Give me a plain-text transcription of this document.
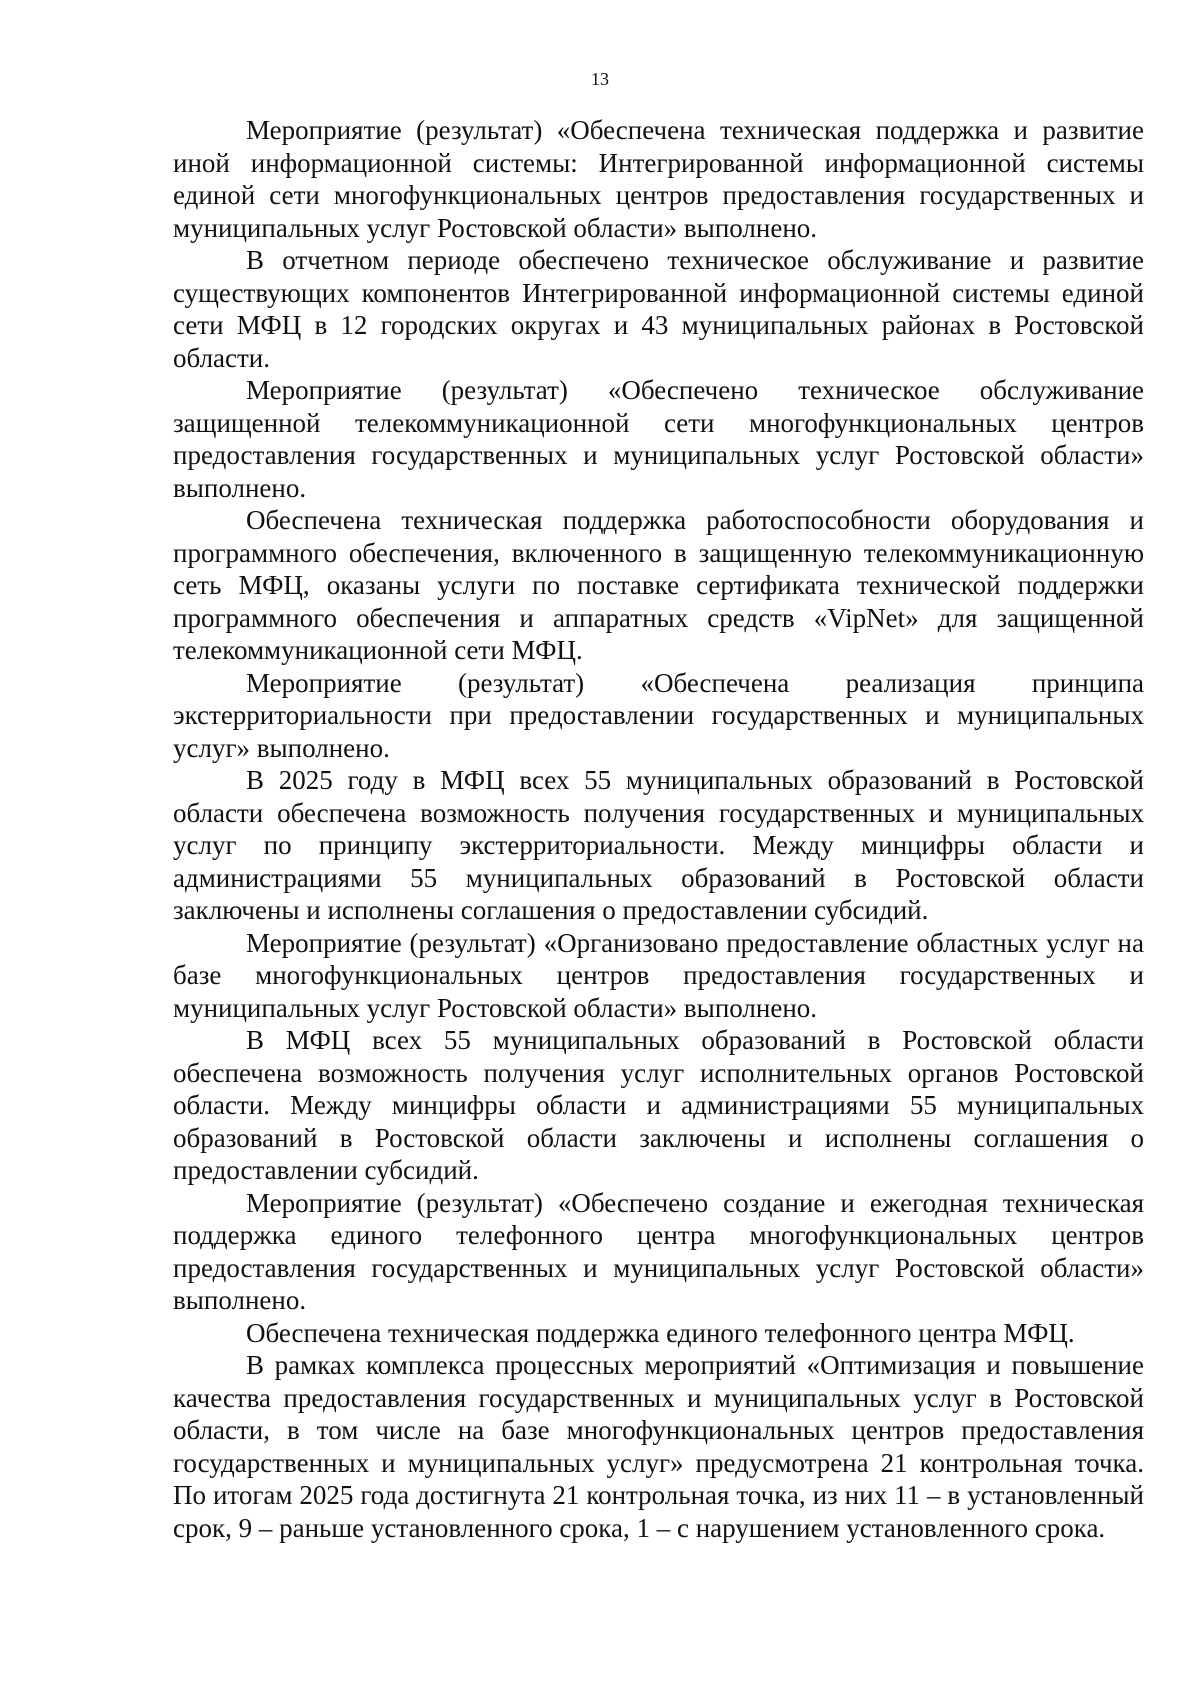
13

Мероприятие (результат) «Обеспечена техническая поддержка и развитие иной информационной системы: Интегрированной информационной системы единой сети многофункциональных центров предоставления государственных и муниципальных услуг Ростовской области» выполнено.

В отчетном периоде обеспечено техническое обслуживание и развитие существующих компонентов Интегрированной информационной системы единой сети МФЦ в 12 городских округах и 43 муниципальных районах в Ростовской области.

Мероприятие (результат) «Обеспечено техническое обслуживание защищенной телекоммуникационной сети многофункциональных центров предоставления государственных и муниципальных услуг Ростовской области» выполнено.

Обеспечена техническая поддержка работоспособности оборудования и программного обеспечения, включенного в защищенную телекоммуникационную сеть МФЦ, оказаны услуги по поставке сертификата технической поддержки программного обеспечения и аппаратных средств «VipNet» для защищенной телекоммуникационной сети МФЦ.

Мероприятие (результат) «Обеспечена реализация принципа экстерриториальности при предоставлении государственных и муниципальных услуг» выполнено.

В 2025 году в МФЦ всех 55 муниципальных образований в Ростовской области обеспечена возможность получения государственных и муниципальных услуг по принципу экстерриториальности. Между минцифры области и администрациями 55 муниципальных образований в Ростовской области заключены и исполнены соглашения о предоставлении субсидий.

Мероприятие (результат) «Организовано предоставление областных услуг на базе многофункциональных центров предоставления государственных и муниципальных услуг Ростовской области» выполнено.

В МФЦ всех 55 муниципальных образований в Ростовской области обеспечена возможность получения услуг исполнительных органов Ростовской области. Между минцифры области и администрациями 55 муниципальных образований в Ростовской области заключены и исполнены соглашения о предоставлении субсидий.

Мероприятие (результат) «Обеспечено создание и ежегодная техническая поддержка единого телефонного центра многофункциональных центров предоставления государственных и муниципальных услуг Ростовской области» выполнено.

Обеспечена техническая поддержка единого телефонного центра МФЦ.

В рамках комплекса процессных мероприятий «Оптимизация и повышение качества предоставления государственных и муниципальных услуг в Ростовской области, в том числе на базе многофункциональных центров предоставления государственных и муниципальных услуг» предусмотрена 21 контрольная точка. По итогам 2025 года достигнута 21 контрольная точка, из них 11 – в установленный срок, 9 – раньше установленного срока, 1 – с нарушением установленного срока.
